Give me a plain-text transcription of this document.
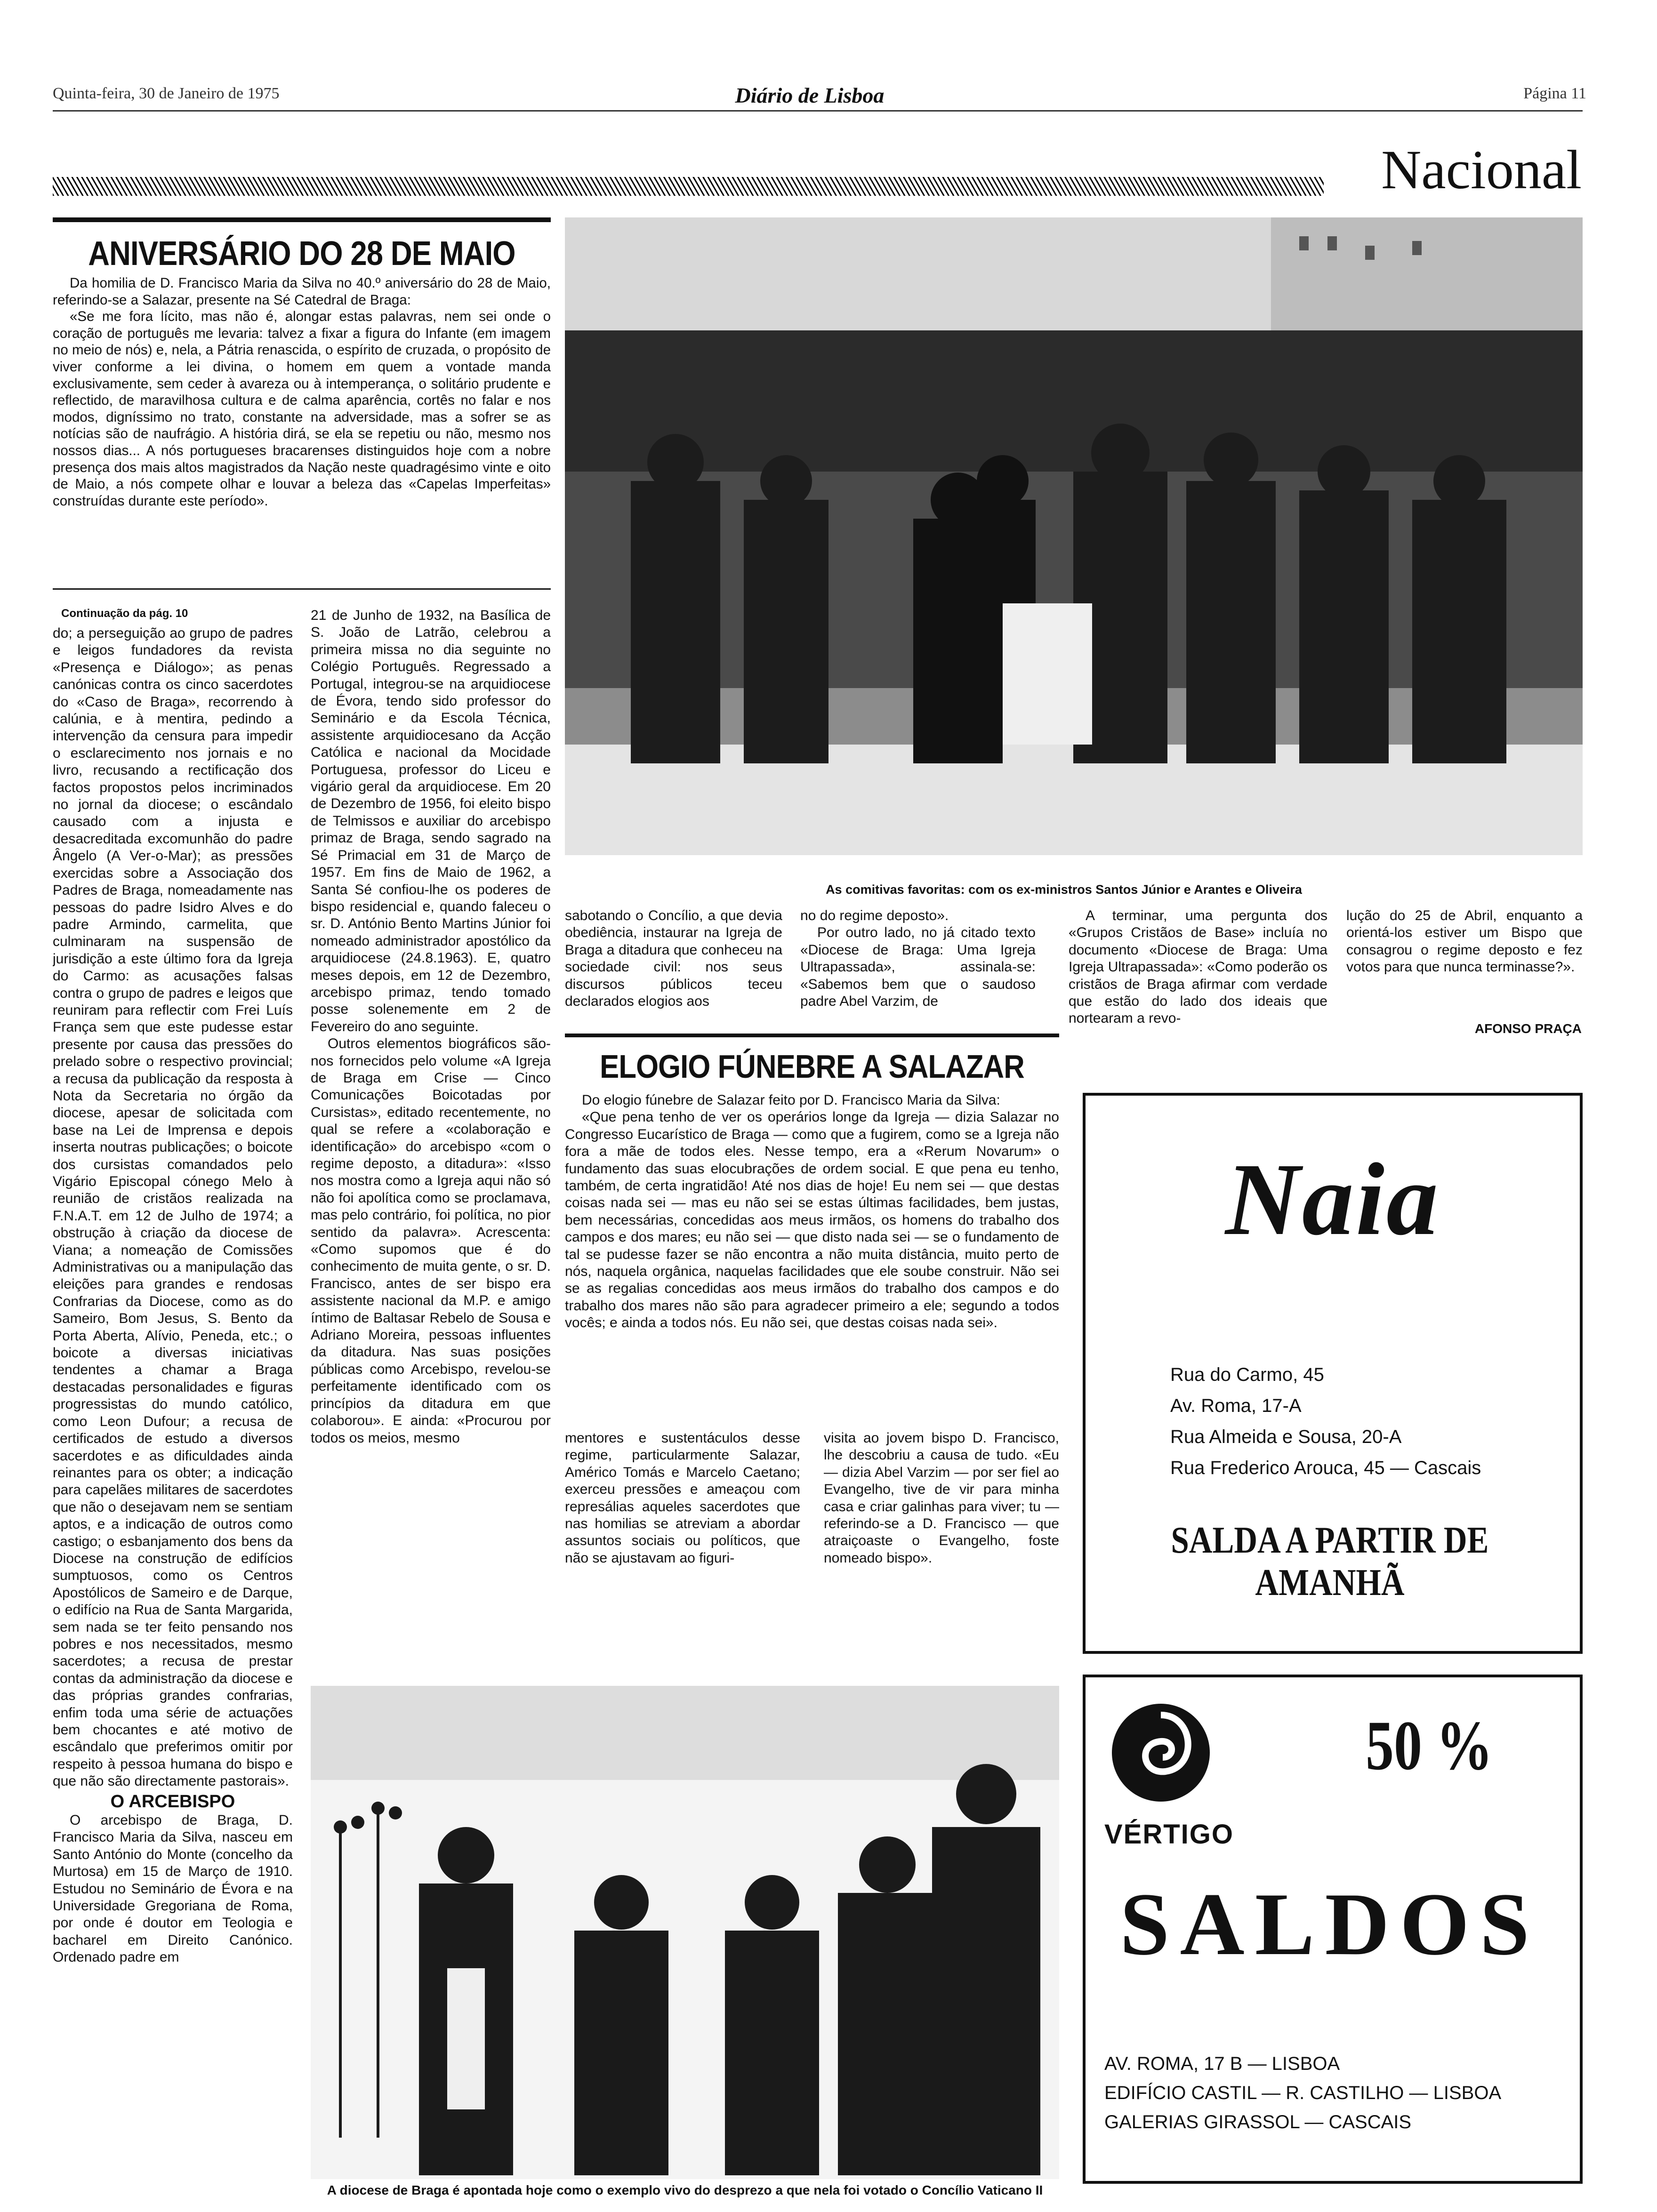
Quinta-feira, 30 de Janeiro de 1975	Diário de Lisboa	Página 11
Nacional
ANIVERSÁRIO DO 28 DE MAIO

Da homilia de D. Francisco Maria da Silva no 40.º aniversário do 28 de Maio, referindo-se a Salazar, presente na Sé Catedral de Braga:

«Se me fora lícito, mas não é, alongar estas palavras, nem sei onde o coração de português me levaria: talvez a fixar a figura do Infante (em imagem no meio de nós) e, nela, a Pátria renascida, o espírito de cruzada, o propósito de viver conforme a lei divina, o homem em quem a vontade manda exclusivamente, sem ceder à avareza ou à intemperança, o solitário prudente e reflectido, de maravilhosa cultura e de calma aparência, cortês no falar e nos modos, digníssimo no trato, constante na adversidade, mas a sofrer se as notícias são de naufrágio. A história dirá, se ela se repetiu ou não, mesmo nos nossos dias... A nós portugueses bracarenses distinguidos hoje com a nobre presença dos mais altos magistrados da Nação neste quadragésimo vinte e oito de Maio, a nós compete olhar e louvar a beleza das «Capelas Imperfeitas» construídas durante este período».

Continuação da pág. 10

do; a perseguição ao grupo de padres e leigos fundadores da revista «Presença e Diálogo»; as penas canónicas contra os cinco sacerdotes do «Caso de Braga», recorrendo à calúnia, e à mentira, pedindo a intervenção da censura para impedir o esclarecimento nos jornais e no livro, recusando a rectificação dos factos propostos pelos incriminados no jornal da diocese; o escândalo causado com a injusta e desacreditada excomunhão do padre Ângelo (A Ver-o-Mar); as pressões exercidas sobre a Associação dos Padres de Braga, nomeadamente nas pessoas do padre Isidro Alves e do padre Armindo, carmelita, que culminaram na suspensão de jurisdição a este último fora da Igreja do Carmo: as acusações falsas contra o grupo de padres e leigos que reuniram para reflectir com Frei Luís França sem que este pudesse estar presente por causa das pressões do prelado sobre o respectivo provincial; a recusa da publicação da resposta à Nota da Secretaria no órgão da diocese, apesar de solicitada com base na Lei de Imprensa e depois inserta noutras publicações; o boicote dos cursistas comandados pelo Vigário Episcopal cónego Melo à reunião de cristãos realizada na F.N.A.T. em 12 de Julho de 1974; a obstrução à criação da diocese de Viana; a nomeação de Comissões Administrativas ou a manipulação das eleições para grandes e rendosas Confrarias da Diocese, como as do Sameiro, Bom Jesus, S. Bento da Porta Aberta, Alívio, Peneda, etc.; o boicote a diversas iniciativas tendentes a chamar a Braga destacadas personalidades e figuras progressistas do mundo católico, como Leon Dufour; a recusa de certificados de estudo a diversos sacerdotes e as dificuldades ainda reinantes para os obter; a indicação para capelães militares de sacerdotes que não o desejavam nem se sentiam aptos, e a indicação de outros como castigo; o esbanjamento dos bens da Diocese na construção de edifícios sumptuosos, como os Centros Apostólicos de Sameiro e de Darque, o edifício na Rua de Santa Margarida, sem nada se ter feito pensando nos pobres e nos necessitados, mesmo sacerdotes; a recusa de prestar contas da administração da diocese e das próprias grandes confrarias, enfim toda uma série de actuações bem chocantes e até motivo de escândalo que preferimos omitir por respeito à pessoa humana do bispo e que não são directamente pastorais».

O ARCEBISPO

O arcebispo de Braga, D. Francisco Maria da Silva, nasceu em Santo António do Monte (concelho da Murtosa) em 15 de Março de 1910. Estudou no Seminário de Évora e na Universidade Gregoriana de Roma, por onde é doutor em Teologia e bacharel em Direito Canónico. Ordenado padre em

21 de Junho de 1932, na Basílica de S. João de Latrão, celebrou a primeira missa no dia seguinte no Colégio Português. Regressado a Portugal, integrou-se na arquidiocese de Évora, tendo sido professor do Seminário e da Escola Técnica, assistente arquidiocesano da Acção Católica e nacional da Mocidade Portuguesa, professor do Liceu e vigário geral da arquidiocese. Em 20 de Dezembro de 1956, foi eleito bispo de Telmissos e auxiliar do arcebispo primaz de Braga, sendo sagrado na Sé Primacial em 31 de Março de 1957. Em fins de Maio de 1962, a Santa Sé confiou-lhe os poderes de bispo residencial e, quando faleceu o sr. D. António Bento Martins Júnior foi nomeado administrador apostólico da arquidiocese (24.8.1963). E, quatro meses depois, em 12 de Dezembro, arcebispo primaz, tendo tomado posse solenemente em 2 de Fevereiro do ano seguinte.

Outros elementos biográficos são-nos fornecidos pelo volume «A Igreja de Braga em Crise — Cinco Comunicações Boicotadas por Cursistas», editado recentemente, no qual se refere a «colaboração e identificação» do arcebispo «com o regime deposto, a ditadura»: «Isso nos mostra como a Igreja aqui não só não foi apolítica como se proclamava, mas pelo contrário, foi política, no pior sentido da palavra». Acrescenta: «Como supomos que é do conhecimento de muita gente, o sr. D. Francisco, antes de ser bispo era assistente nacional da M.P. e amigo íntimo de Baltasar Rebelo de Sousa e Adriano Moreira, pessoas influentes da ditadura. Nas suas posições públicas como Arcebispo, revelou-se perfeitamente identificado com os princípios da ditadura em que colaborou». E ainda: «Procurou por todos os meios, mesmo

As comitivas favoritas: com os ex-ministros Santos Júnior e Arantes e Oliveira

sabotando o Concílio, a que devia obediência, instaurar na Igreja de Braga a ditadura que conheceu na sociedade civil: nos seus discursos públicos teceu declarados elogios aos

no do regime deposto».

Por outro lado, no já citado texto «Diocese de Braga: Uma Igreja Ultrapassada», assinala-se: «Sabemos bem que o saudoso padre Abel Varzim, de

A terminar, uma pergunta dos «Grupos Cristãos de Base» incluía no documento «Diocese de Braga: Uma Igreja Ultrapassada»: «Como poderão os cristãos de Braga afirmar com verdade que estão do lado dos ideais que nortearam a revo-

lução do 25 de Abril, enquanto a orientá-los estiver um Bispo que consagrou o regime deposto e fez votos para que nunca terminasse?».

AFONSO PRAÇA
ELOGIO FÚNEBRE A SALAZAR

Do elogio fúnebre de Salazar feito por D. Francisco Maria da Silva:

«Que pena tenho de ver os operários longe da Igreja — dizia Salazar no Congresso Eucarístico de Braga — como que a fugirem, como se a Igreja não fora a mãe de todos eles. Nesse tempo, era a «Rerum Novarum» o fundamento das suas elocubrações de ordem social. E que pena eu tenho, também, de certa ingratidão! Até nos dias de hoje! Eu nem sei — que destas coisas nada sei — mas eu não sei se estas últimas facilidades, bem justas, bem necessárias, concedidas aos meus irmãos, os homens do trabalho dos campos e dos mares; eu não sei — que disto nada sei — se o fundamento de tal se pudesse fazer se não encontra a não muita distância, muito perto de nós, naquela orgânica, naquelas facilidades que ele soube construir. Não sei se as regalias concedidas aos meus irmãos do trabalho dos campos e do trabalho dos mares não são para agradecer primeiro a ele; segundo a todos vocês; e ainda a todos nós. Eu não sei, que destas coisas nada sei».

mentores e sustentáculos desse regime, particularmente Salazar, Américo Tomás e Marcelo Caetano; exerceu pressões e ameaçou com represálias aqueles sacerdotes que nas homilias se atreviam a abordar assuntos sociais ou políticos, que não se ajustavam ao figuri-

visita ao jovem bispo D. Francisco, lhe descobriu a causa de tudo. «Eu — dizia Abel Varzim — por ser fiel ao Evangelho, tive de vir para minha casa e criar galinhas para viver; tu — referindo-se a D. Francisco — que atraiçoaste o Evangelho, foste nomeado bispo».

A diocese de Braga é apontada hoje como o exemplo vivo do desprezo a que nela foi votado o Concílio Vaticano II
Naia
Rua do Carmo, 45
Av. Roma, 17-A
Rua Almeida e Sousa, 20-A
Rua Frederico Arouca, 45 — Cascais
SALDA A PARTIR DE AMANHÃ
50 %
VÉRTIGO
SALDOS
AV. ROMA, 17 B — LISBOA
EDIFÍCIO CASTIL — R. CASTILHO — LISBOA
GALERIAS GIRASSOL — CASCAIS
